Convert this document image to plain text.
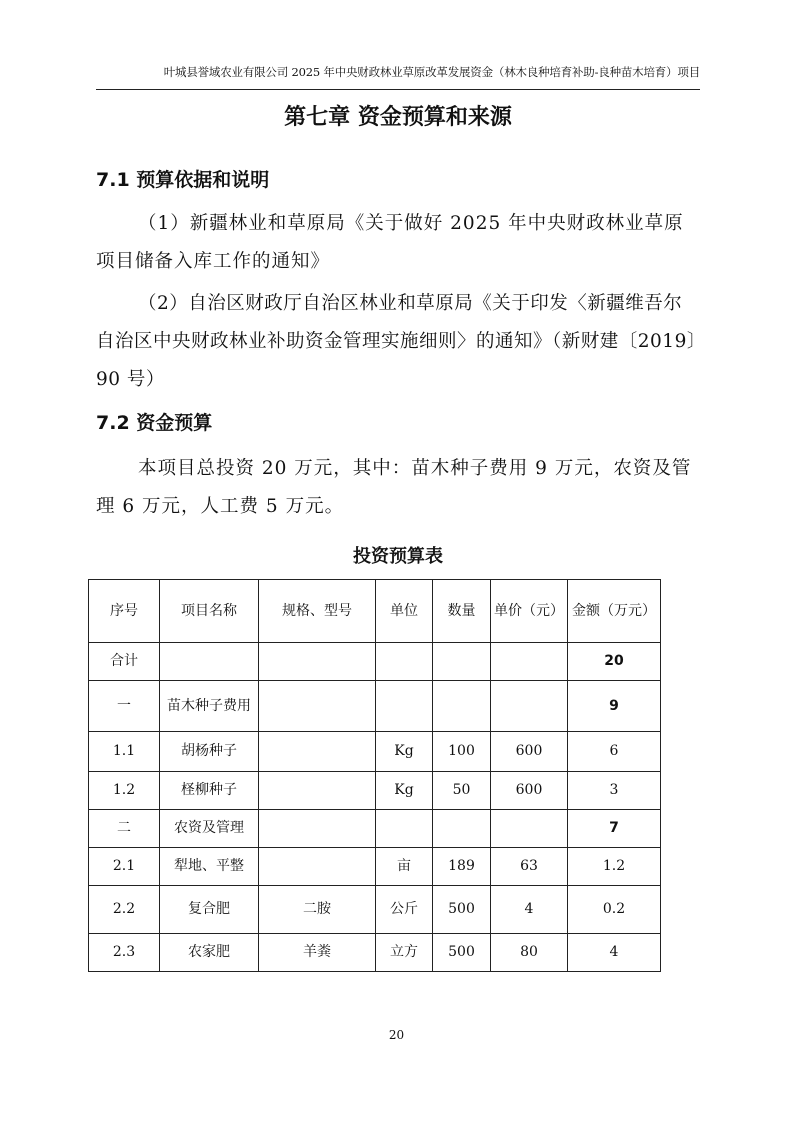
叶城县誉域农业有限公司 2025 年中央财政林业草原改革发展资金（林木良种培育补助-良种苗木培育）项目
第七章 资金预算和来源
7.1 预算依据和说明
（1）新疆林业和草原局《关于做好 2025 年中央财政林业草原项目储备入库工作的通知》
（2）自治区财政厅自治区林业和草原局《关于印发〈新疆维吾尔自治区中央财政林业补助资金管理实施细则〉的通知》（新财建〔2019〕90 号）
7.2 资金预算
本项目总投资 20 万元，其中：苗木种子费用 9 万元，农资及管理 6 万元，人工费 5 万元。
投资预算表
序号	项目名称	规格、型号	单位	数量	单价（元）	金额（万元）
合计						20
一	苗木种子费用					9
1.1	胡杨种子		Kg	100	600	6
1.2	柽柳种子		Kg	50	600	3
二	农资及管理					7
2.1	犁地、平整		亩	189	63	1.2
2.2	复合肥	二胺	公斤	500	4	0.2
2.3	农家肥	羊粪	立方	500	80	4
20
